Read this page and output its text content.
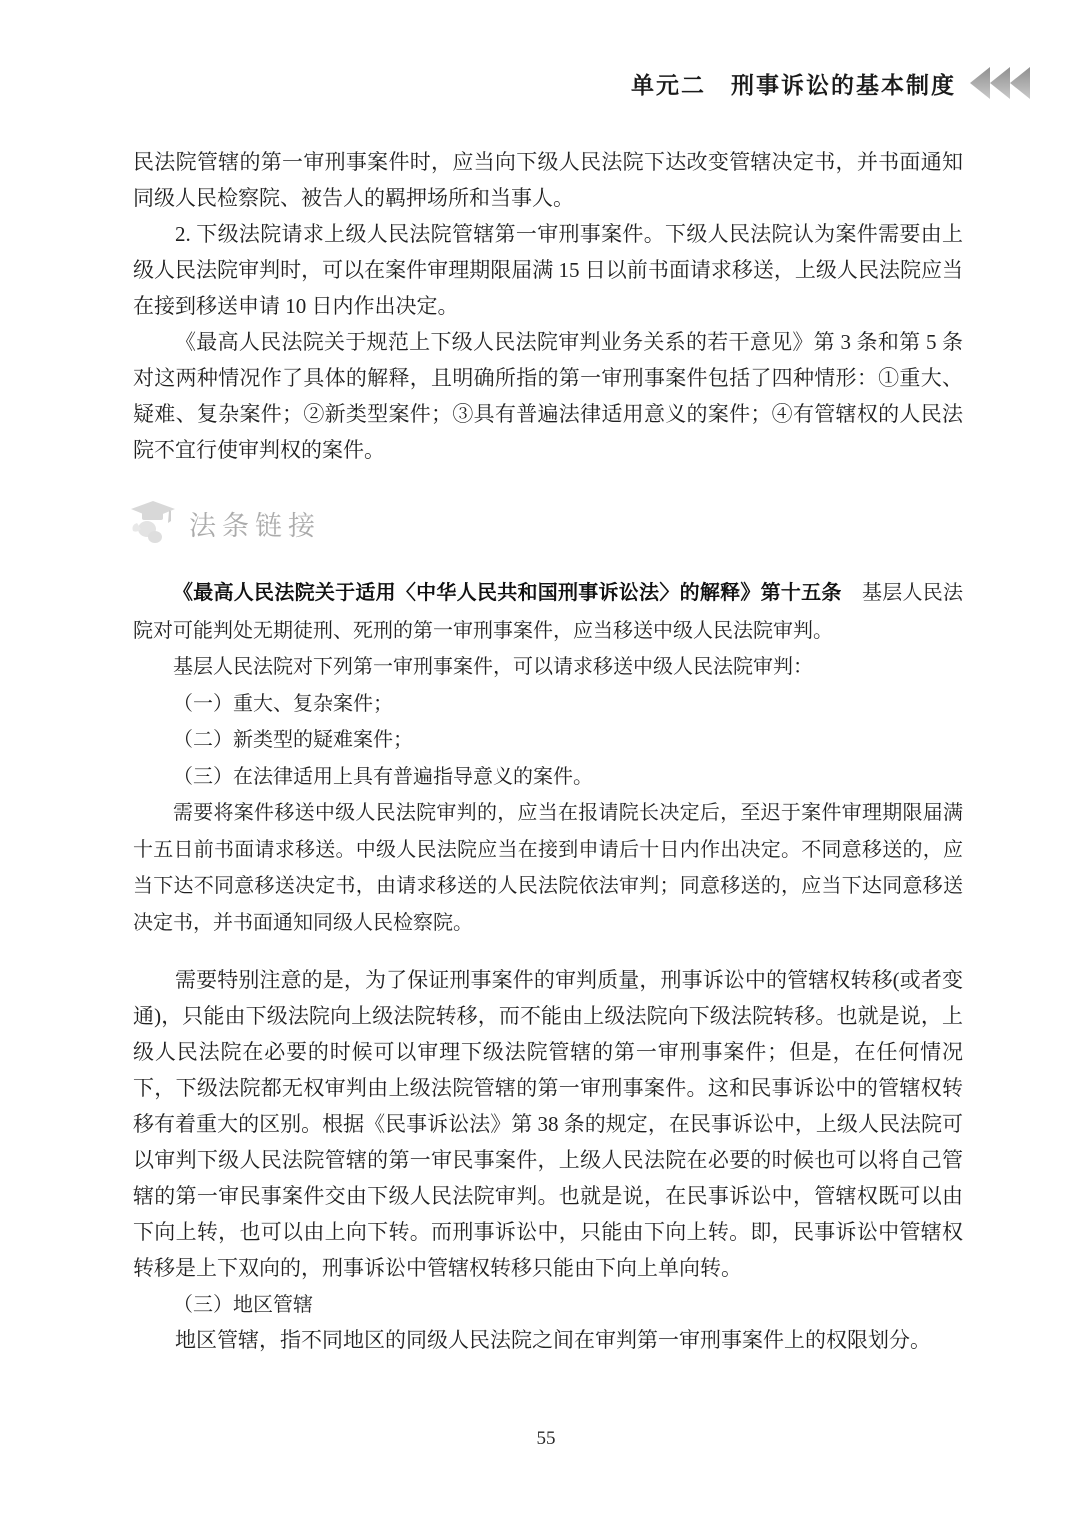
单元二　刑事诉讼的基本制度

民法院管辖的第一审刑事案件时，应当向下级人民法院下达改变管辖决定书，并书面通知同级人民检察院、被告人的羁押场所和当事人。

2. 下级法院请求上级人民法院管辖第一审刑事案件。下级人民法院认为案件需要由上级人民法院审判时，可以在案件审理期限届满 15 日以前书面请求移送，上级人民法院应当在接到移送申请 10 日内作出决定。

《最高人民法院关于规范上下级人民法院审判业务关系的若干意见》第 3 条和第 5 条对这两种情况作了具体的解释，且明确所指的第一审刑事案件包括了四种情形：①重大、疑难、复杂案件；②新类型案件；③具有普遍法律适用意义的案件；④有管辖权的人民法院不宜行使审判权的案件。

法条链接

《最高人民法院关于适用〈中华人民共和国刑事诉讼法〉的解释》第十五条　基层人民法院对可能判处无期徒刑、死刑的第一审刑事案件，应当移送中级人民法院审判。

基层人民法院对下列第一审刑事案件，可以请求移送中级人民法院审判：

（一）重大、复杂案件；

（二）新类型的疑难案件；

（三）在法律适用上具有普遍指导意义的案件。

需要将案件移送中级人民法院审判的，应当在报请院长决定后，至迟于案件审理期限届满十五日前书面请求移送。中级人民法院应当在接到申请后十日内作出决定。不同意移送的，应当下达不同意移送决定书，由请求移送的人民法院依法审判；同意移送的，应当下达同意移送决定书，并书面通知同级人民检察院。

需要特别注意的是，为了保证刑事案件的审判质量，刑事诉讼中的管辖权转移(或者变通)，只能由下级法院向上级法院转移，而不能由上级法院向下级法院转移。也就是说，上级人民法院在必要的时候可以审理下级法院管辖的第一审刑事案件；但是，在任何情况下，下级法院都无权审判由上级法院管辖的第一审刑事案件。这和民事诉讼中的管辖权转移有着重大的区别。根据《民事诉讼法》第 38 条的规定，在民事诉讼中，上级人民法院可以审判下级人民法院管辖的第一审民事案件，上级人民法院在必要的时候也可以将自己管辖的第一审民事案件交由下级人民法院审判。也就是说，在民事诉讼中，管辖权既可以由下向上转，也可以由上向下转。而刑事诉讼中，只能由下向上转。即，民事诉讼中管辖权转移是上下双向的，刑事诉讼中管辖权转移只能由下向上单向转。

（三）地区管辖

地区管辖，指不同地区的同级人民法院之间在审判第一审刑事案件上的权限划分。

55
